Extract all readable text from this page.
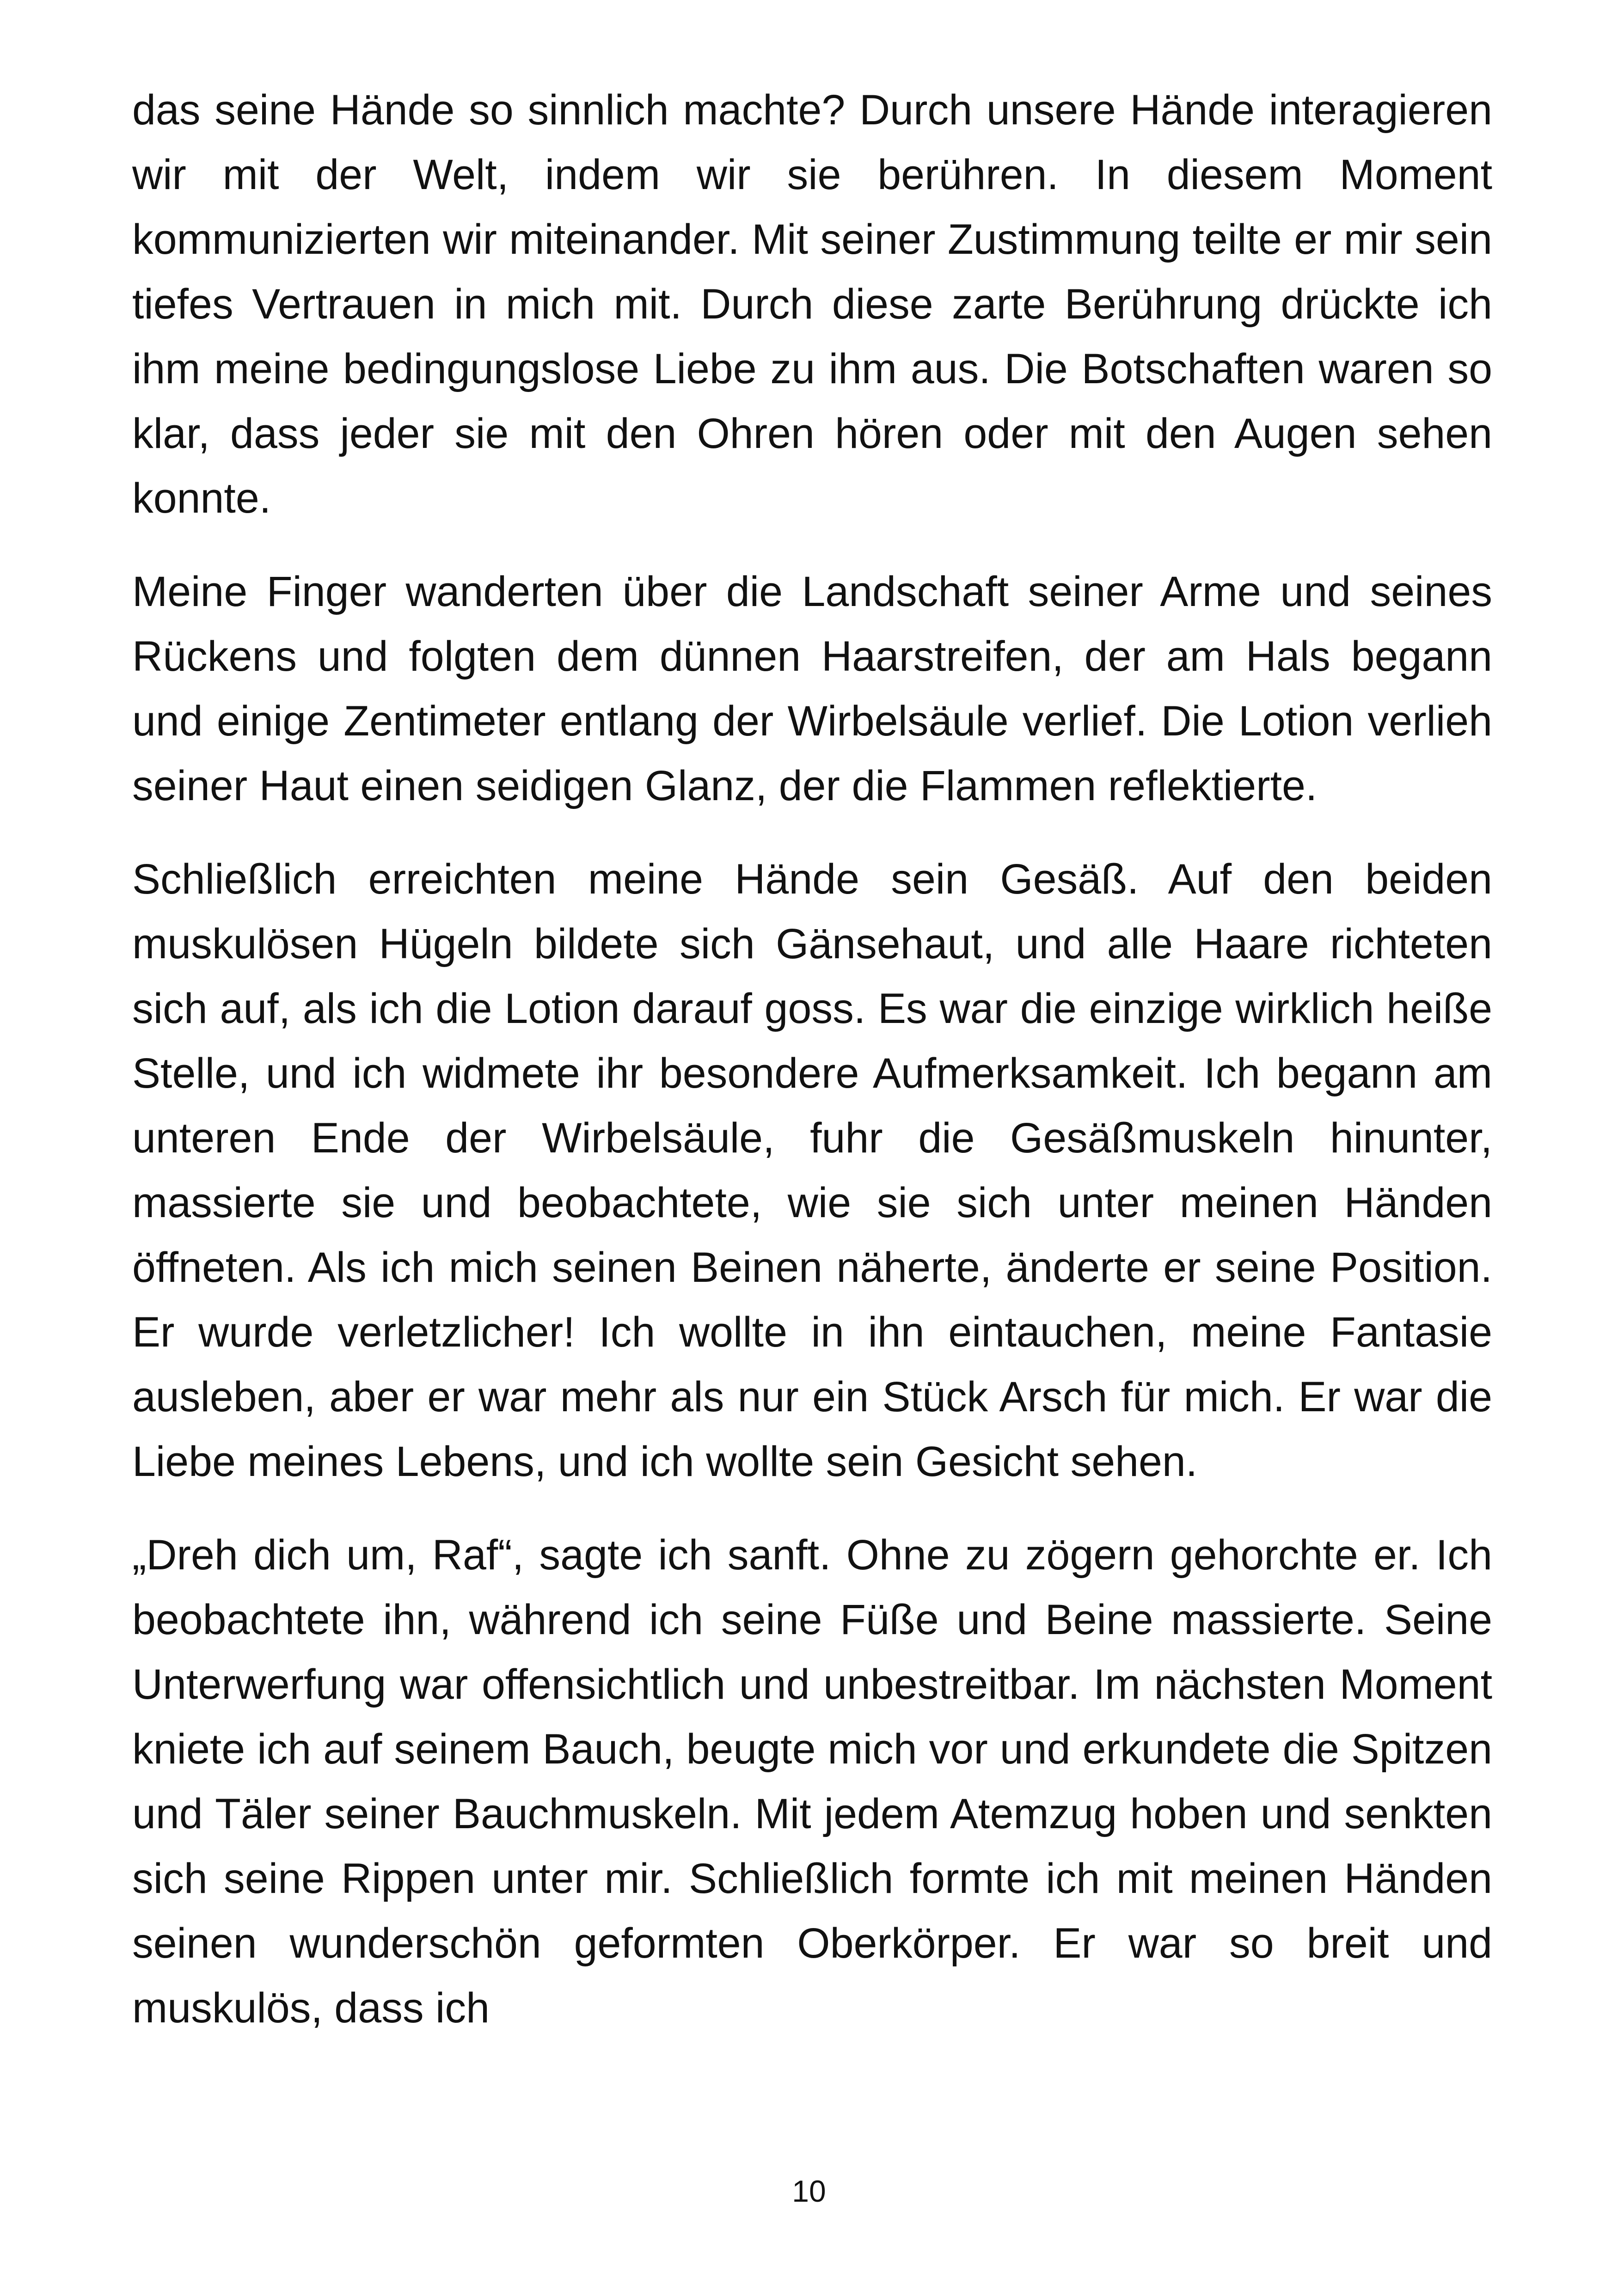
das seine Hände so sinnlich machte? Durch unsere Hände interagieren wir mit der Welt, indem wir sie berühren. In diesem Moment kommunizierten wir miteinander. Mit seiner Zustimmung teilte er mir sein tiefes Vertrauen in mich mit. Durch diese zarte Berührung drückte ich ihm meine bedingungslose Liebe zu ihm aus. Die Botschaften waren so klar, dass jeder sie mit den Ohren hören oder mit den Augen sehen konnte.

Meine Finger wanderten über die Landschaft seiner Arme und seines Rückens und folgten dem dünnen Haarstreifen, der am Hals begann und einige Zentimeter entlang der Wirbelsäule verlief. Die Lotion verlieh seiner Haut einen seidigen Glanz, der die Flammen reflektierte.

Schließlich erreichten meine Hände sein Gesäß. Auf den beiden muskulösen Hügeln bildete sich Gänsehaut, und alle Haare richteten sich auf, als ich die Lotion darauf goss. Es war die einzige wirklich heiße Stelle, und ich widmete ihr besondere Aufmerksamkeit. Ich begann am unteren Ende der Wirbelsäule, fuhr die Gesäßmuskeln hinunter, massierte sie und beobachtete, wie sie sich unter meinen Händen öffneten. Als ich mich seinen Beinen näherte, änderte er seine Position. Er wurde verletzlicher! Ich wollte in ihn eintauchen, meine Fantasie ausleben, aber er war mehr als nur ein Stück Arsch für mich. Er war die Liebe meines Lebens, und ich wollte sein Gesicht sehen.

„Dreh dich um, Raf“, sagte ich sanft. Ohne zu zögern gehorchte er. Ich beobachtete ihn, während ich seine Füße und Beine massierte. Seine Unterwerfung war offensichtlich und unbestreitbar. Im nächsten Moment kniete ich auf seinem Bauch, beugte mich vor und erkundete die Spitzen und Täler seiner Bauchmuskeln. Mit jedem Atemzug hoben und senkten sich seine Rippen unter mir. Schließlich formte ich mit meinen Händen seinen wunderschön geformten Oberkörper. Er war so breit und muskulös, dass ich

10
